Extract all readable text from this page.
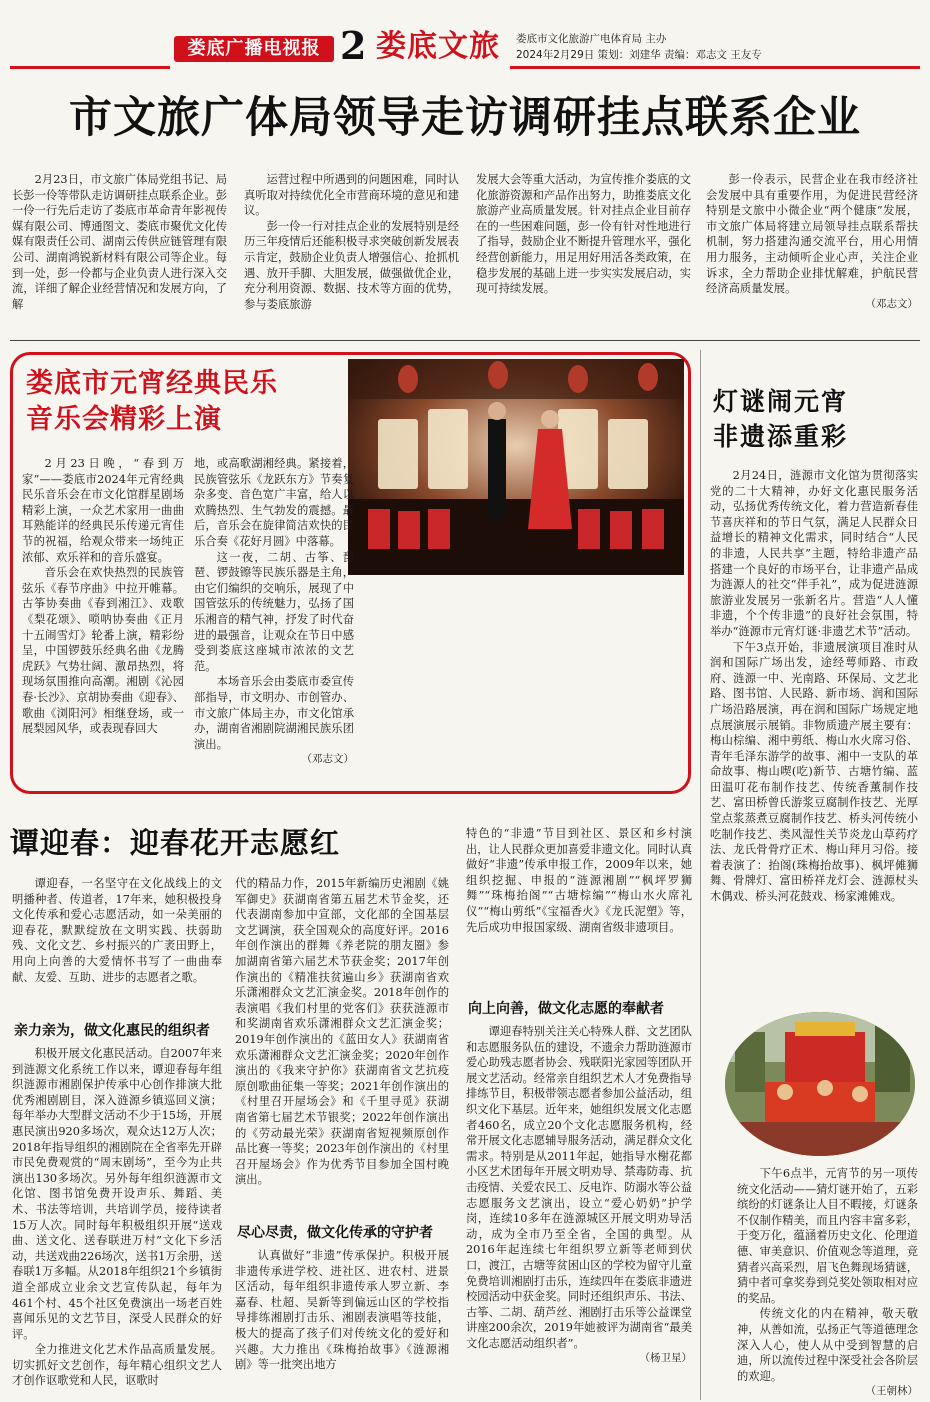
娄底广播电视报 2 娄底文旅 娄底市文化旅游广电体育局 主办
2024年2月29日 策划：刘建华 责编：邓志文 王友专
市文旅广体局领导走访调研挂点联系企业

2月23日，市文旅广体局党组书记、局长彭一伶等带队走访调研挂点联系企业。彭一伶一行先后走访了娄底市革命青年影视传媒有限公司、博通图文、娄底市聚优文化传媒有限责任公司、湖南云传供应链管理有限公司、湖南鸿锐新材料有限公司等企业。每到一处，彭一伶都与企业负责人进行深入交流，详细了解企业经营情况和发展方向，了解

运营过程中所遇到的问题困难，同时认真听取对持续优化全市营商环境的意见和建议。

彭一伶一行对挂点企业的发展特别是经历三年疫情后还能积极寻求突破创新发展表示肯定，鼓励企业负责人增强信心、抢抓机遇、放开手脚、大胆发展，做强做优企业，充分利用资源、数据、技术等方面的优势，参与娄底旅游

发展大会等重大活动，为宣传推介娄底的文化旅游资源和产品作出努力，助推娄底文化旅游产业高质量发展。针对挂点企业目前存在的一些困难问题，彭一伶有针对性地进行了指导，鼓励企业不断提升管理水平，强化经营创新能力，用足用好用活各类政策，在稳步发展的基础上进一步实实发展启动，实现可持续发展。

彭一伶表示，民营企业在我市经济社会发展中具有重要作用，为促进民营经济特别是文旅中小微企业“两个健康”发展，市文旅广体局将建立局领导挂点联系帮扶机制，努力搭建沟通交流平台，用心用情用力服务，主动倾听企业心声，关注企业诉求，全力帮助企业排忧解难，护航民营经济高质量发展。

（邓志文）

娄底市元宵经典民乐
音乐会精彩上演

2月23日晚，“春到万家”——娄底市2024年元宵经典民乐音乐会在市文化馆群星剧场精彩上演，一众艺术家用一曲曲耳熟能详的经典民乐传递元宵佳节的祝福，给观众带来一场纯正浓郁、欢乐祥和的音乐盛宴。

音乐会在欢快热烈的民族管弦乐《春节序曲》中拉开帷幕。古筝协奏曲《春到湘江》、戏歌《梨花颂》、唢呐协奏曲《正月十五闹雪灯》轮番上演，精彩纷呈，中国锣鼓乐经典名曲《龙腾虎跃》气势壮阔、激昂热烈，将现场氛围推向高潮。湘剧《沁园春·长沙》、京胡协奏曲《迎春》、歌曲《浏阳河》相继登场，或一展梨园风华，或表现春回大

地，或高歌湖湘经典。紧接着，民族管弦乐《龙跃东方》节奏复杂多变、音色宽广丰富，给人以欢腾热烈、生气勃发的震撼。最后，音乐会在旋律简洁欢快的民乐合奏《花好月圆》中落幕。

这一夜，二胡、古筝、琵琶、锣鼓镲等民族乐器是主角，由它们编织的交响乐，展现了中国管弦乐的传统魅力，弘扬了国乐湘音的精气神，抒发了时代奋进的最强音，让观众在节日中感受到娄底这座城市浓浓的文艺范。

本场音乐会由娄底市委宣传部指导，市文明办、市创管办、市文旅广体局主办，市文化馆承办，湖南省湘剧院湖湘民族乐团演出。

（邓志文）

灯谜闹元宵
非遗添重彩

2月24日，涟源市文化馆为贯彻落实党的二十大精神，办好文化惠民服务活动，弘扬优秀传统文化，着力营造新春佳节喜庆祥和的节日气氛，满足人民群众日益增长的精神文化需求，同时结合“人民的非遗，人民共享”主题，特给非遗产品搭建一个良好的市场平台，让非遗产品成为涟源人的社交“伴手礼”，成为促进涟源旅游业发展另一张新名片。营造“人人懂非遗，个个传非遗”的良好社会氛围，特举办“涟源市元宵灯谜·非遗艺术节”活动。

下午3点开始，非遗展演项目准时从润和国际广场出发，途经萼师路、市政府、涟源一中、光南路、环保局、文艺北路、图书馆、人民路、新市场、润和国际广场沿路展演，再在润和国际广场规定地点展演展示展销。非物质遗产展主要有：梅山棕编、湘中剪纸、梅山水火席习俗、青年毛泽东游学的故事、湘中一支队的革命故事、梅山喫(吃)新节、古塘竹编、蓝田温叮花布制作技艺、传统香薰制作技艺、富田桥曾氏游浆豆腐制作技艺、光厚堂点浆蒸煮豆腐制作技艺、桥头河传统小吃制作技艺、类风湿性关节炎龙山草药疗法、龙氏骨骨疗正术、梅山拜月习俗。接着表演了：抬阁(珠梅抬故事)、枫坪傩狮舞、骨牌灯、富田桥祥龙灯会、涟源杖头木偶戏、桥头河花鼓戏、杨家滩傩戏。

下午6点半，元宵节的另一项传统文化活动——猜灯谜开始了，五彩缤纷的灯谜条让人目不暇接，灯谜条不仅制作精美，而且内容丰富多彩，于变万化，蕴涵着历史文化、伦理道德、审美意识、价值观念等道理，竞猜者兴高采烈，眉飞色舞现场猜谜，猜中者可拿奖券到兑奖处领取相对应的奖品。

传统文化的内在精神，敬天敬神，从善如流，弘扬正气等道德理念深入人心，使人从中受到智慧的启迪，所以流传过程中深受社会各阶层的欢迎。

（王朝林）

谭迎春：迎春花开志愿红

谭迎春，一名坚守在文化战线上的文明播种者、传道者，17年来，她积极投身文化传承和爱心志愿活动，如一朵美丽的迎春花，默默绽放在文明实践、扶弱助残、文化文艺、乡村振兴的广袤田野上，用向上向善的大爱情怀书写了一曲曲奉献、友爱、互助、进步的志愿者之歌。

亲力亲为，做文化惠民的组织者

积极开展文化惠民活动。自2007年来到涟源文化系统工作以来，谭迎春每年组织涟源市湘剧保护传承中心创作排演大批优秀湘剧剧目，深入涟源乡镇巡回义演；每年举办大型群文活动不少于15场，开展惠民演出920多场次，观众达12万人次；2018年指导组织的湘剧院在全省率先开辟市民免费观赏的“周末剧场”，至今为止共演出130多场次。另外每年组织涟源市文化馆、图书馆免费开设声乐、舞蹈、美术、书法等培训，共培训学员，接待读者15万人次。同时每年积极组织开展“送戏曲、送文化、送春联进万村”文化下乡活动，共送戏曲226场次，送书1万余册，送春联1万多幅。从2018年组织21个乡镇街道全部成立业余文艺宣传队起，每年为461个村、45个社区免费演出一场老百姓喜闻乐见的文艺节目，深受人民群众的好评。

全力推进文化艺术作品高质量发展。切实抓好文艺创作，每年精心组织文艺人才创作讴歌党和人民，讴歌时

代的精品力作，2015年新编历史湘剧《姚军御史》获湖南省第五届艺术节金奖，还代表湖南参加中宣部，文化部的全国基层文艺调演，获全国观众的高度好评。2016年创作演出的群舞《养老院的朋友圈》参加湖南省第六届艺术节获金奖；2017年创作演出的《精准扶贫遍山乡》获湖南省欢乐潇湘群众文艺汇演金奖。2018年创作的表演唱《我们村里的党客们》获获涟源市和奖湖南省欢乐潇湘群众文艺汇演金奖；2019年创作演出的《蓝田女人》获湖南省欢乐潇湘群众文艺汇演金奖；2020年创作演出的《我来守护你》获湖南省文艺抗疫原创歌曲征集一等奖；2021年创作演出的《村里召开屋场会》和《千里寻觅》获湖南省第七届艺术节银奖；2022年创作演出的《劳动最光荣》获湖南省短视频原创作品比赛一等奖；2023年创作演出的《村里召开屋场会》作为优秀节目参加全国村晚演出。

尽心尽责，做文化传承的守护者

认真做好“非遗”传承保护。积极开展非遗传承进学校、进社区、进农村、进景区活动，每年组织非遗传承人罗立新、李嘉春、杜超、吴新等到偏远山区的学校指导排练湘剧打击乐、湘剧表演唱等技能，极大的提高了孩子们对传统文化的爱好和兴趣。大力推出《珠梅抬故事》《涟源湘剧》等一批突出地方

特色的“非遗”节目到社区、景区和乡村演出，让人民群众更加喜爱非遗文化。同时认真做好“非遗”传承申报工作，2009年以来，她组织挖掘、申报的“涟源湘剧”“枫坪罗狮舞”“珠梅抬阁”“古塘棕编”“梅山水火席礼仪”“梅山剪纸”《宝福香火》《龙氏泥塑》等，先后成功申报国家级、湖南省级非遗项目。

向上向善，做文化志愿的奉献者

谭迎春特别关注关心特殊人群、文艺团队和志愿服务队伍的建设，不遗余力帮助涟源市爱心助残志愿者协会、残联阳光家园等团队开展文艺活动。经常亲自组织艺术人才免费指导排练节目，积极带领志愿者参加公益活动，组织文化下基层。近年来，她组织发展文化志愿者460名，成立20个文化志愿服务机构，经常开展文化志愿辅导服务活动，满足群众文化需求。特别是从2011年起，她指导水榭花都小区艺术团每年开展文明劝导、禁毒防毒、抗击疫情、关爱农民工、反电诈、防溺水等公益志愿服务文艺演出，设立“爱心奶奶”护学岗，连续10多年在涟源城区开展文明劝导活动，成为全市乃至全省，全国的典型。从2016年起连续七年组织罗立新等老师到伏口，渡江，古塘等贫困山区的学校为留守儿童免费培训湘剧打击乐，连续四年在娄底非遗进校园活动中获金奖。同时还组织声乐、书法、古筝、二胡、葫芦丝、湘剧打击乐等公益课堂讲座200余次，2019年她被评为湖南省“最美文化志愿活动组织者”。

（杨卫星）
